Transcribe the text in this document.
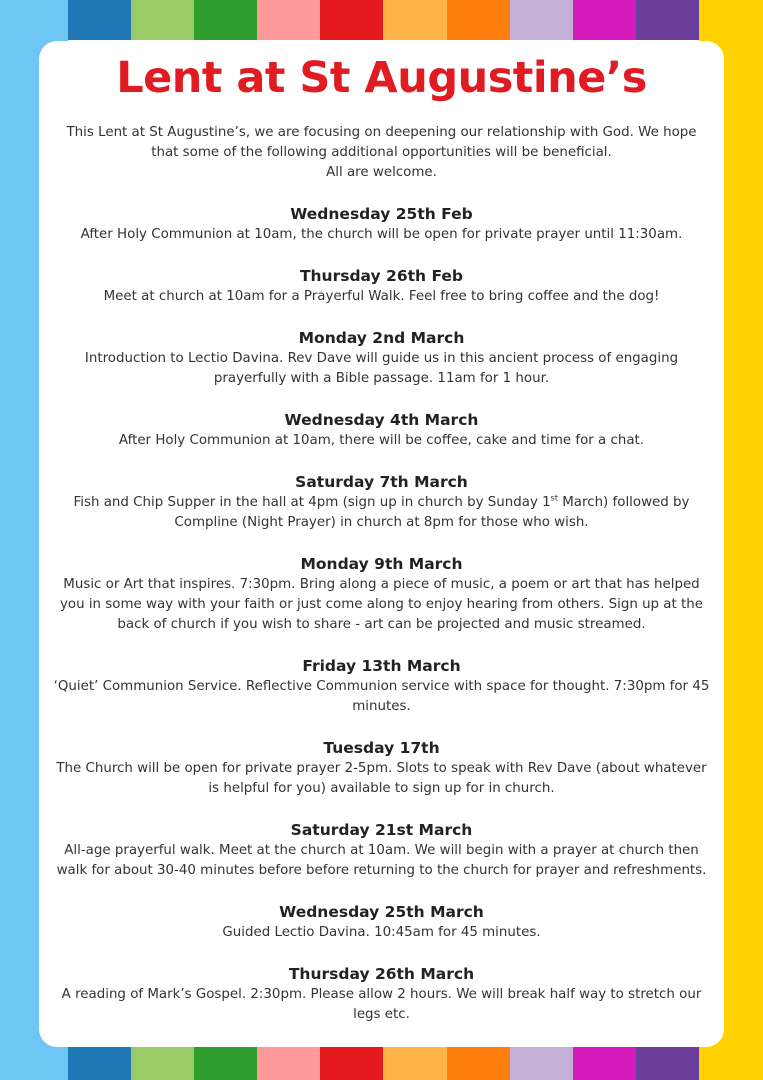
Lent at St Augustine’s
This Lent at St Augustine’s, we are focusing on deepening our relationship with God. We hope
that some of the following additional opportunities will be beneficial.
All are welcome.
Wednesday 25th Feb

After Holy Communion at 10am, the church will be open for private prayer until 11:30am.

Thursday 26th Feb

Meet at church at 10am for a Prayerful Walk. Feel free to bring coffee and the dog!

Monday 2nd March

Introduction to Lectio Davina. Rev Dave will guide us in this ancient process of engaging prayerfully with a Bible passage. 11am for 1 hour.

Wednesday 4th March

After Holy Communion at 10am, there will be coffee, cake and time for a chat.

Saturday 7th March

Fish and Chip Supper in the hall at 4pm (sign up in church by Sunday 1st March) followed by Compline (Night Prayer) in church at 8pm for those who wish.

Monday 9th March

Music or Art that inspires. 7:30pm. Bring along a piece of music, a poem or art that has helped you in some way with your faith or just come along to enjoy hearing from others. Sign up at the back of church if you wish to share - art can be projected and music streamed.

Friday 13th March

‘Quiet’ Communion Service. Reflective Communion service with space for thought. 7:30pm for 45 minutes.

Tuesday 17th

The Church will be open for private prayer 2-5pm. Slots to speak with Rev Dave (about whatever is helpful for you) available to sign up for in church.

Saturday 21st March

All-age prayerful walk. Meet at the church at 10am. We will begin with a prayer at church then walk for about 30-40 minutes before before returning to the church for prayer and refreshments.

Wednesday 25th March

Guided Lectio Davina. 10:45am for 45 minutes.

Thursday 26th March

A reading of Mark’s Gospel. 2:30pm. Please allow 2 hours. We will break half way to stretch our legs etc.
